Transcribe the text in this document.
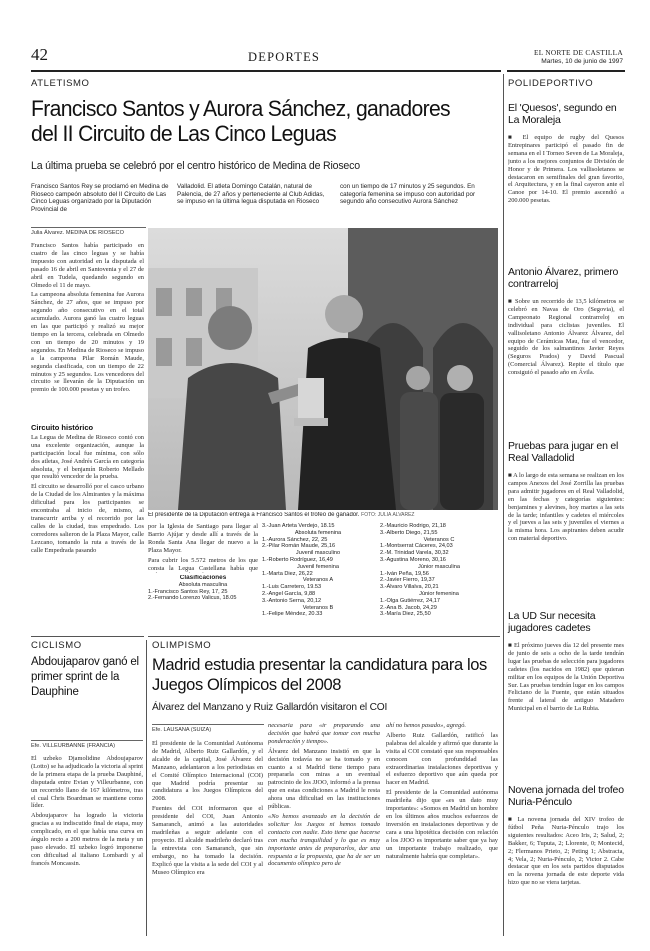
42	DEPORTES	EL NORTE DE CASTILLA
Martes, 10 de junio de 1997
ATLETISMO
Francisco Santos y Aurora Sánchez, ganadores del II Circuito de Las Cinco Leguas
La última prueba se celebró por el centro histórico de Medina de Rioseco
Francisco Santos Rey se proclamó en Medina de Rioseco campeón absoluto del II Circuito de Las Cinco Leguas organizado por la Diputación Provincial de
Valladolid. El atleta Domingo Catalán, natural de Palencia, de 27 años y perteneciente al Club Adidas, se impuso en la última legua disputada en Rioseco
con un tiempo de 17 minutos y 25 segundos. En categoría femenina se impuso con autoridad por segundo año consecutivo Aurora Sánchez
Julia Álvarez. MEDINA DE RIOSECO

Francisco Santos había participado en cuatro de las cinco leguas y se había impuesto con autoridad en la disputada el pasado 16 de abril en Santovenia y el 27 de abril en Tudela, quedando segundo en Olmedo el 11 de mayo.

La campeona absoluta femenina fue Aurora Sánchez, de 27 años, que se impuso por segundo año consecutivo en el total acumulado. Aurora ganó las cuatro leguas en las que participó y realizó su mejor tiempo en la tercera, celebrada en Olmedo con un tiempo de 20 minutos y 19 segundos. En Medina de Rioseco se impuso a la campeona Pilar Román Maude, segunda clasificada, con un tiempo de 22 minutos y 25 segundos. Los vencedores del circuito se llevarán de la Diputación un premio de 100.000 pesetas y un trofeo.

Circuito histórico

La Legua de Medina de Rioseco contó con una excelente organización, aunque la participación local fue mínima, con sólo dos atletas, José Andrés García en categoría absoluta, y el benjamín Roberto Mellado que resultó vencedor de la prueba.

El circuito se desarrolló por el casco urbano de la Ciudad de los Almirantes y la máxima dificultad para los participantes se encontraba al inicio de, mismo, al transcurrir arriba y el recorrido por las calles de la ciudad, tras empedrado. Los corredores salieron de la Plaza Mayor, calle Lezcano, tomando la ruta a través de la calle Empedrada pasando

El presidente de la Diputación entrega a Francisco Santos el trofeo de ganador. FOTO: JULIA ÁLVAREZ

por la Iglesia de Santiago para llegar al Barrio Ajújar y desde allí a través de la Ronda Santa Ana llegar de nuevo a la Plaza Mayor.

Para cubrir los 5.572 metros de los que consta la Legua Castellana había que

Clasificaciones
Absoluta masculina
1.-Francisco Santos Rey, 17, 25
2.-Fernando Lorenzo Valicus, 18.05
3.-Juan Arteta Verdejo, 18.15
Absoluta femenina
1.-Aurora Sánchez, 22, 25
2.-Pilar Román Maude, 25,16
Juvenil masculino
1.-Roberto Rodríguez, 16,49
Juvenil femenina
1.-Marta Diez, 26,22
Veteranos A
1.-Luis Carretero, 19.53
2.-Angel García, 9,88
3.-Antonio Serna, 20,12
Veteranos B
1.-Felipe Méndez, 20.33
2.-Mauricio Rodrigo, 21,18
3.-Alberto Diego, 21,55
Veteranos C
1.-Montserrat Cáceres, 24,03
2.-M. Trinidad Varela, 30,32
3.-Agustina Moreno, 30,16
Júnior masculina
1.-Iván Peña, 19,56
2.-Javier Fierro, 19,37
3.-Álvaro Villalva, 20,21
Júnior femenina
1.-Olga Gutiérrez, 24,17
2.-Ana B. Jacob, 24,29
3.-María Diez, 25,50
CICLISMO
Abdoujaparov ganó el primer sprint de la Dauphine
Efe. VILLEURBANNE (FRANCIA)

El uzbeko Djamolidine Abdoujaparov (Lotto) se ha adjudicado la victoria al sprint de la primera etapa de la prueba Dauphiné, disputada entre Evian y Villeurbanne, con un recorrido llano de 167 kilómetros, tras el cual Chris Boardman se mantiene como líder.

Abdoujaparov ha logrado la victoria gracias a su indiscutido final de etapa, muy complicado, en el que había una curva en ángulo recto a 200 metros de la meta y un paso elevado. El uzbeko logró imponerse con dificultad al italiano Lombardi y al francés Moncassin.

OLIMPISMO
Madrid estudia presentar la candidatura para los Juegos Olímpicos del 2008
Álvarez del Manzano y Ruiz Gallardón visitaron el COI
Efe. LAUSANA (SUIZA)

El presidente de la Comunidad Autónoma de Madrid, Alberto Ruiz Gallardón, y el alcalde de la capital, José Álvarez del Manzano, adelantaron a los periodistas en el Comité Olímpico Internacional (COI) que Madrid podría presentar su candidatura a los Juegos Olímpicos del 2008.

Fuentes del COI informaron que el presidente del COI, Juan Antonio Samaranch, animó a las autoridades madrileñas a seguir adelante con el proyecto. El alcalde madrileño declaró tras la entrevista con Samaranch, que sin embargo, no ha tomado la decisión. Explicó que la visita a la sede del COI y al Museo Olímpico era

necesaria para «ir preparando una decisión que habrá que tomar con mucha ponderación y tiempo».

Álvarez del Manzano insistió en que la decisión todavía no se ha tomado y en cuanto a si Madrid tiene tiempo para prepararla con miras a un eventual patrocinio de los JJOO, informó a la prensa que en estas condiciones a Madrid le resta ahora una dificultad en las instituciones públicas.

«No hemos avanzado en la decisión de solicitar los Juegos ni hemos tomado contacto con nadie. Esto tiene que hacerse con mucha tranquilidad y lo que es muy importante antes de prepararlos, dar una respuesta a la propuesta, que ha de ser un documento olímpico pero de

ahí no hemos pasado», agregó.

Alberto Ruiz Gallardón, ratificó las palabras del alcalde y afirmó que durante la visita al COI constató que sus responsables conocen con profundidad las extraordinarias instalaciones deportivas y el esfuerzo deportivo que aún queda por hacer en Madrid.

El presidente de la Comunidad autónoma madrileña dijo que «es un dato muy importante»: «Somos en Madrid un hombre en los últimos años muchos esfuerzos de inversión en instalaciones deportivas y de cara a una hipotética decisión con relación a los JJOO es importante saber que ya hay un importante trabajo realizado, que naturalmente habría que completar».

POLIDEPORTIVO
El 'Quesos', segundo en La Moraleja

■ El equipo de rugby del Quesos Entrepinares participó el pasado fin de semana en el I Torneo Seven de La Moraleja, junto a los mejores conjuntos de División de Honor y de Primera. Los vallisoletanos se destacaron en semifinales del gran favorito, el Arquitectura, y en la final cayeron ante el Canoe por 14-10. El premio ascendió a 200.000 pesetas.

Antonio Álvarez, primero contrarreloj

■ Sobre un recorrido de 13,5 kilómetros se celebró en Navas de Oro (Segovia), el Campeonato Regional contrarreloj en individual para ciclistas juveniles. El vallisoletano Antonio Álvarez Álvarez, del equipo de Cerámicas Mau, fue el vencedor, seguido de los salmantinos Javier Reyes (Seguros Prados) y David Pascual (Comercial Álvarez). Repite el título que consiguió el pasado año en Ávila.

Pruebas para jugar en el Real Valladolid

■ A lo largo de esta semana se realizan en los campos Anexos del José Zorrilla las pruebas para admitir jugadores en el Real Valladolid, en las fechas y categorías siguientes: benjamines y alevines, hoy martes a las seis de la tarde; infantiles y cadetes el miércoles y el jueves a las seis y juveniles el viernes a la misma hora. Los aspirantes deben acudir con material deportivo.

La UD Sur necesita jugadores cadetes

■ El próximo jueves día 12 del presente mes de junio de seis a ocho de la tarde tendrán lugar las pruebas de selección para jugadores cadetes (los nacidos en 1982) que quieran militar en los equipos de la Unión Deportiva Sur. Las pruebas tendrán lugar en los campos Feliciano de la Fuente, que están situados frente al lateral de antiguo Matadero Municipal en el barrio de La Rubia.

Novena jornada del trofeo Nuria-Pénculo

■ La novena jornada del XIV trofeo de fútbol Peña Nuria-Pénculo trajo los siguientes resultados: Aceo Iris, 2; Salud, 2; Bakker, 6; Tuputa, 2; Llorente, 0; Montecid, 2; Flermanos Prieto, 2; Peting 1; Abstracta, 4; Vela, 2; Nuria-Pénculo, 2; Victor 2. Cabe destacar que en los seis partidos disputados en la novena jornada de este deporte vida hizo que no se viera tarjetas.
